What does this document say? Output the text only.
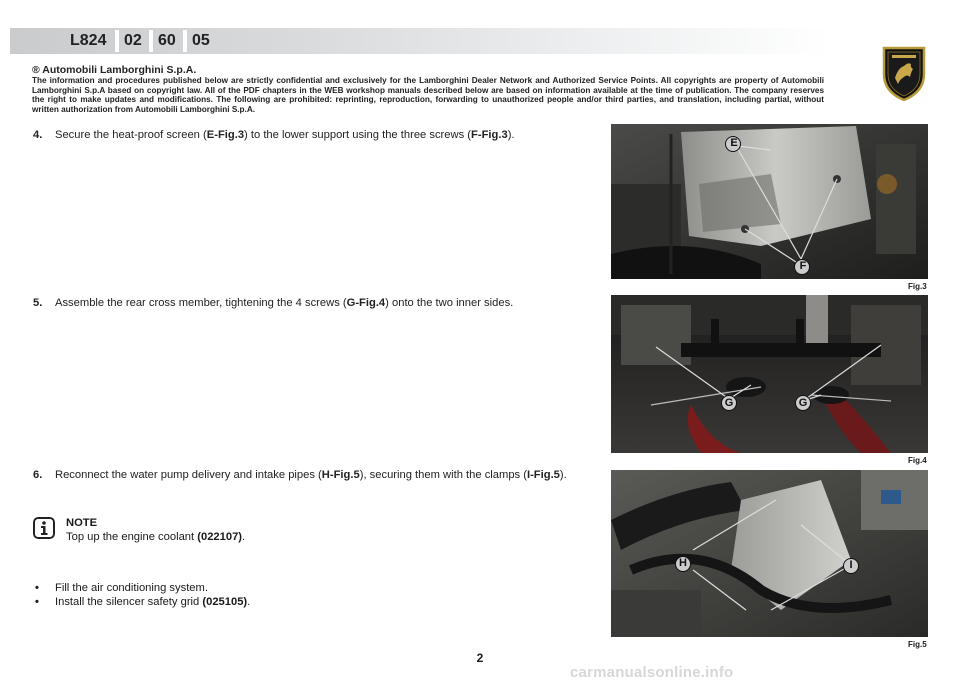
L824 02 60 05
® Automobili Lamborghini S.p.A.
The information and procedures published below are strictly confidential and exclusively for the Lamborghini Dealer Network and Authorized Service Points. All copyrights are property of Automobili Lamborghini S.p.A based on copyright law. All of the PDF chapters in the WEB workshop manuals described below are based on information available at the time of publication. The company reserves the right to make updates and modifications. The following are prohibited: reprinting, reproduction, forwarding to unauthorized people and/or third parties, and translation, including partial, without written authorization from Automobili Lamborghini S.p.A.
4. Secure the heat-proof screen (E-Fig.3) to the lower support using the three screws (F-Fig.3).
5. Assemble the rear cross member, tightening the 4 screws (G-Fig.4) onto the two inner sides.
6. Reconnect the water pump delivery and intake pipes (H-Fig.5), securing them with the clamps (I-Fig.5).
NOTE
Top up the engine coolant (022107).
• Fill the air conditioning system.
• Install the silencer safety grid (025105).
E
F
Fig.3
G	G
Fig.4
H	I
Fig.5
2
carmanualsonline.info
